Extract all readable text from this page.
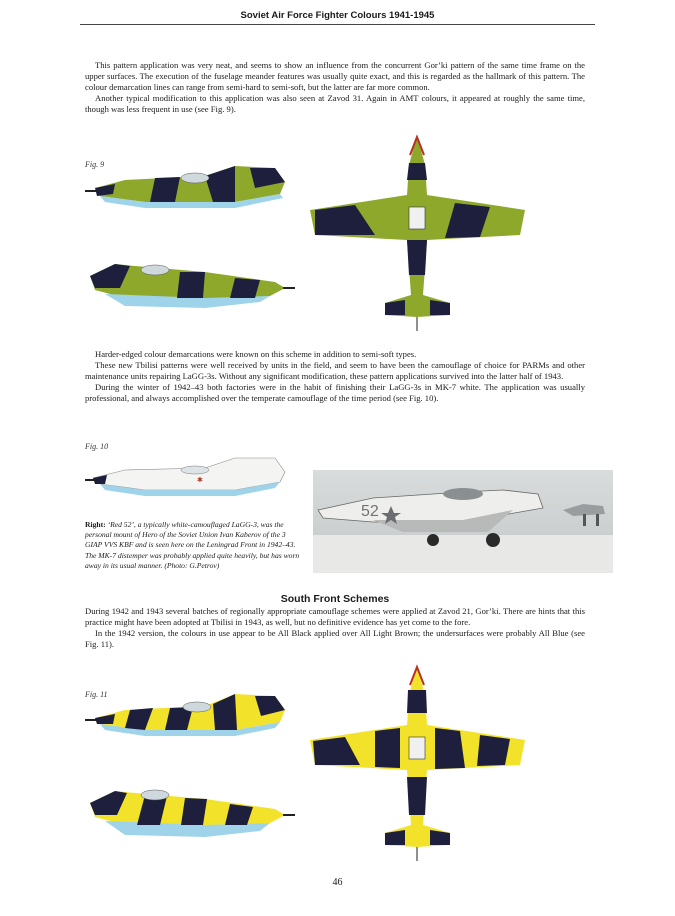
Soviet Air Force Fighter Colours 1941-1945

This pattern application was very neat, and seems to show an influence from the concurrent Gor’ki pattern of the same time frame on the upper surfaces. The execution of the fuselage meander features was usually quite exact, and this is regarded as the hallmark of this pattern. The colour demarcation lines can range from semi-hard to semi-soft, but the latter are far more common.

Another typical modification to this application was also seen at Zavod 31. Again in AMT colours, it appeared at roughly the same time, though was less frequent in use (see Fig. 9).

Fig. 9

Harder-edged colour demarcations were known on this scheme in addition to semi-soft types.

These new Tbilisi patterns were well received by units in the field, and seem to have been the camouflage of choice for PARMs and other maintenance units repairing LaGG-3s. Without any significant modification, these pattern applications survived into the latter half of 1943.

During the winter of 1942–43 both factories were in the habit of finishing their LaGG-3s in MK-7 white. The application was usually professional, and always accomplished over the temperate camouflage of the time period (see Fig. 10).

Fig. 10
✱
Right: ‘Red 52’, a typically white-camouflaged LaGG-3, was the personal mount of Hero of the Soviet Union Ivan Kaberov of the 3 GIAP VVS KBF and is seen here on the Leningrad Front in 1942–43. The MK-7 distemper was probably applied quite heavily, but has worn away in its usual manner. (Photo: G.Petrov)
52
South Front Schemes

During 1942 and 1943 several batches of regionally appropriate camouflage schemes were applied at Zavod 21, Gor’ki. There are hints that this practice might have been adopted at Tbilisi in 1943, as well, but no definitive evidence has yet come to the fore.

In the 1942 version, the colours in use appear to be All Black applied over All Light Brown; the undersurfaces were probably All Blue (see Fig. 11).

Fig. 11
46
